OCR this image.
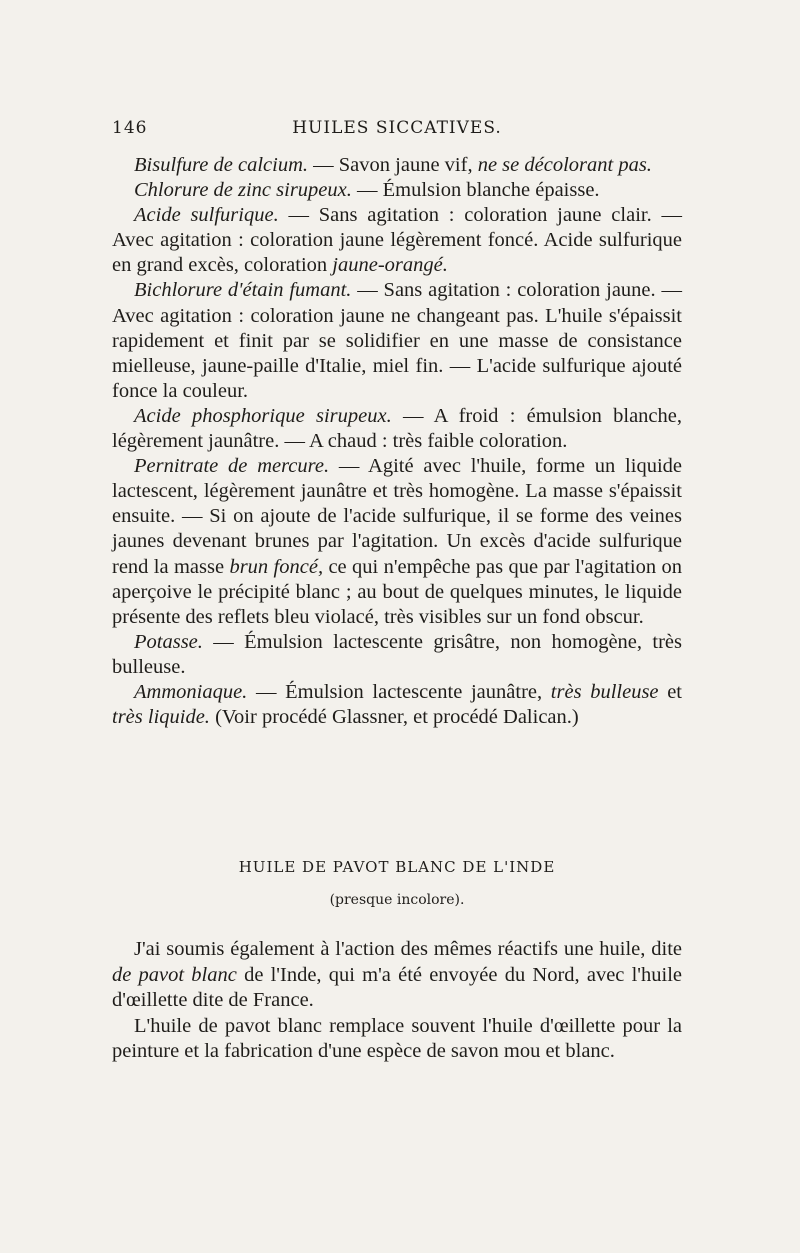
146	HUILES SICCATIVES.

Bisulfure de calcium. — Savon jaune vif, ne se décolorant pas.

Chlorure de zinc sirupeux. — Émulsion blanche épaisse.

Acide sulfurique. — Sans agitation : coloration jaune clair. — Avec agitation : coloration jaune légèrement foncé. Acide sulfurique en grand excès, coloration jaune-orangé.

Bichlorure d'étain fumant. — Sans agitation : coloration jaune. — Avec agitation : coloration jaune ne changeant pas. L'huile s'épaissit rapidement et finit par se solidifier en une masse de consistance mielleuse, jaune-paille d'Italie, miel fin. — L'acide sulfurique ajouté fonce la couleur.

Acide phosphorique sirupeux. — A froid : émulsion blanche, légèrement jaunâtre. — A chaud : très faible coloration.

Pernitrate de mercure. — Agité avec l'huile, forme un liquide lactescent, légèrement jaunâtre et très homogène. La masse s'épaissit ensuite. — Si on ajoute de l'acide sulfurique, il se forme des veines jaunes devenant brunes par l'agitation. Un excès d'acide sulfurique rend la masse brun foncé, ce qui n'empêche pas que par l'agitation on aperçoive le précipité blanc ; au bout de quelques minutes, le liquide présente des reflets bleu violacé, très visibles sur un fond obscur.

Potasse. — Émulsion lactescente grisâtre, non homogène, très bulleuse.

Ammoniaque. — Émulsion lactescente jaunâtre, très bulleuse et très liquide. (Voir procédé Glassner, et procédé Dalican.)

HUILE DE PAVOT BLANC DE L'INDE
(presque incolore).

J'ai soumis également à l'action des mêmes réactifs une huile, dite de pavot blanc de l'Inde, qui m'a été envoyée du Nord, avec l'huile d'œillette dite de France.

L'huile de pavot blanc remplace souvent l'huile d'œillette pour la peinture et la fabrication d'une espèce de savon mou et blanc.
